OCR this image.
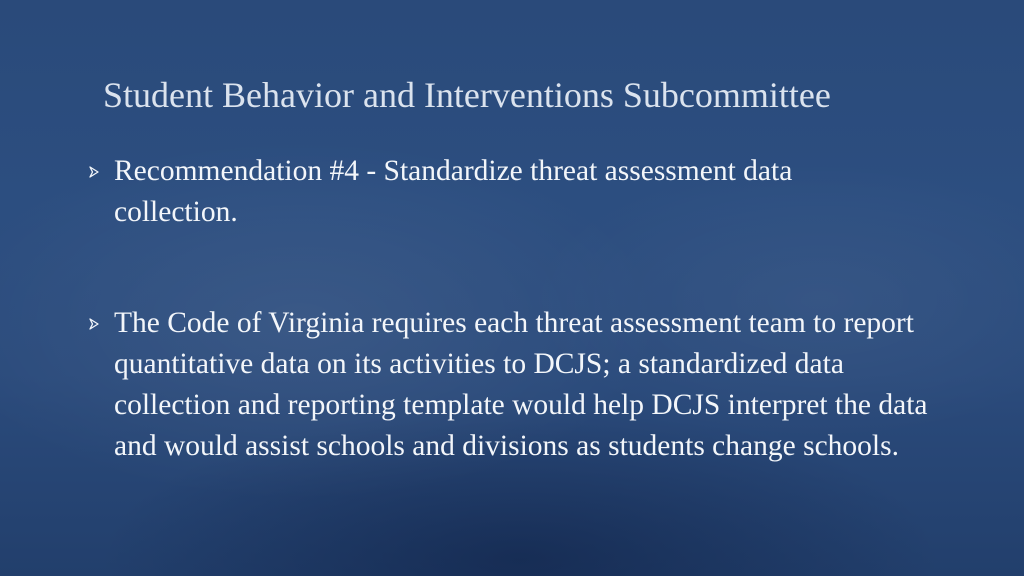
Student Behavior and Interventions Subcommittee

Recommendation #4 - Standardize threat assessment data collection.

The Code of Virginia requires each threat assessment team to report quantitative data on its activities to DCJS; a standardized data collection and reporting template would help DCJS interpret the data and would assist schools and divisions as students change schools.
